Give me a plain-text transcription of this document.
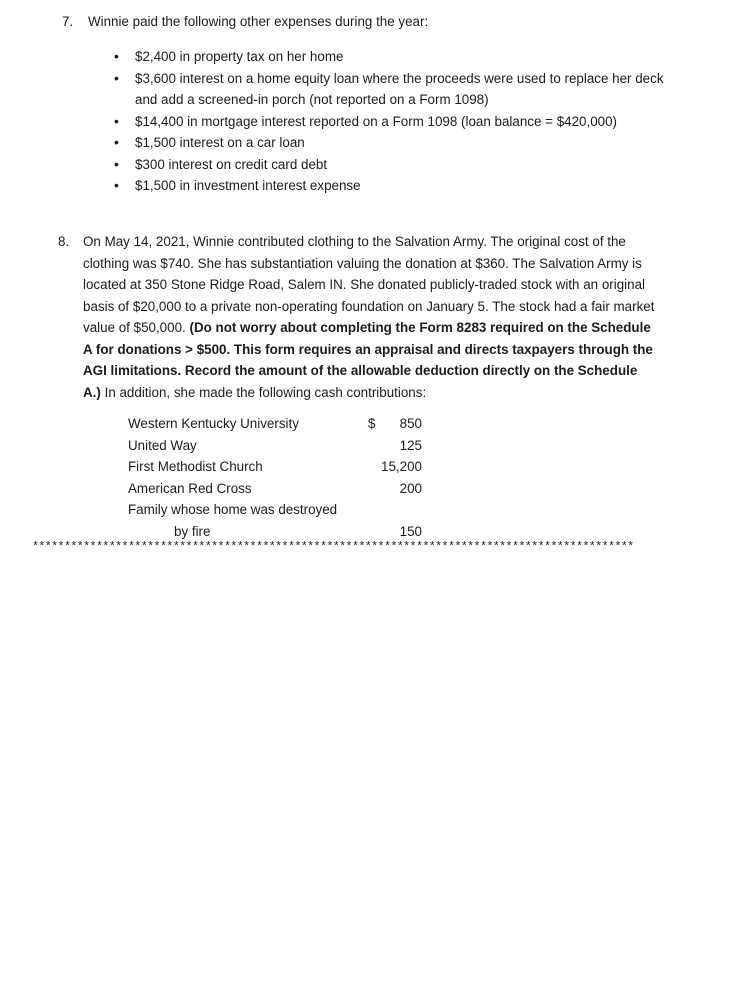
7. Winnie paid the following other expenses during the year:
• $2,400 in property tax on her home
• $3,600 interest on a home equity loan where the proceeds were used to replace her deck and add a screened-in porch (not reported on a Form 1098)
• $14,400 in mortgage interest reported on a Form 1098 (loan balance = $420,000)
• $1,500 interest on a car loan
• $300 interest on credit card debt
• $1,500 in investment interest expense
8. On May 14, 2021, Winnie contributed clothing to the Salvation Army. The original cost of the clothing was $740. She has substantiation valuing the donation at $360. The Salvation Army is located at 350 Stone Ridge Road, Salem IN. She donated publicly-traded stock with an original basis of $20,000 to a private non-operating foundation on January 5. The stock had a fair market value of $50,000. (Do not worry about completing the Form 8283 required on the Schedule A for donations > $500. This form requires an appraisal and directs taxpayers through the AGI limitations. Record the amount of the allowable deduction directly on the Schedule A.) In addition, she made the following cash contributions:
Western Kentucky University	$ 850
United Way	125
First Methodist Church	15,200
American Red Cross	200
Family whose home was destroyed
by fire	150
**********************************************************************************************
